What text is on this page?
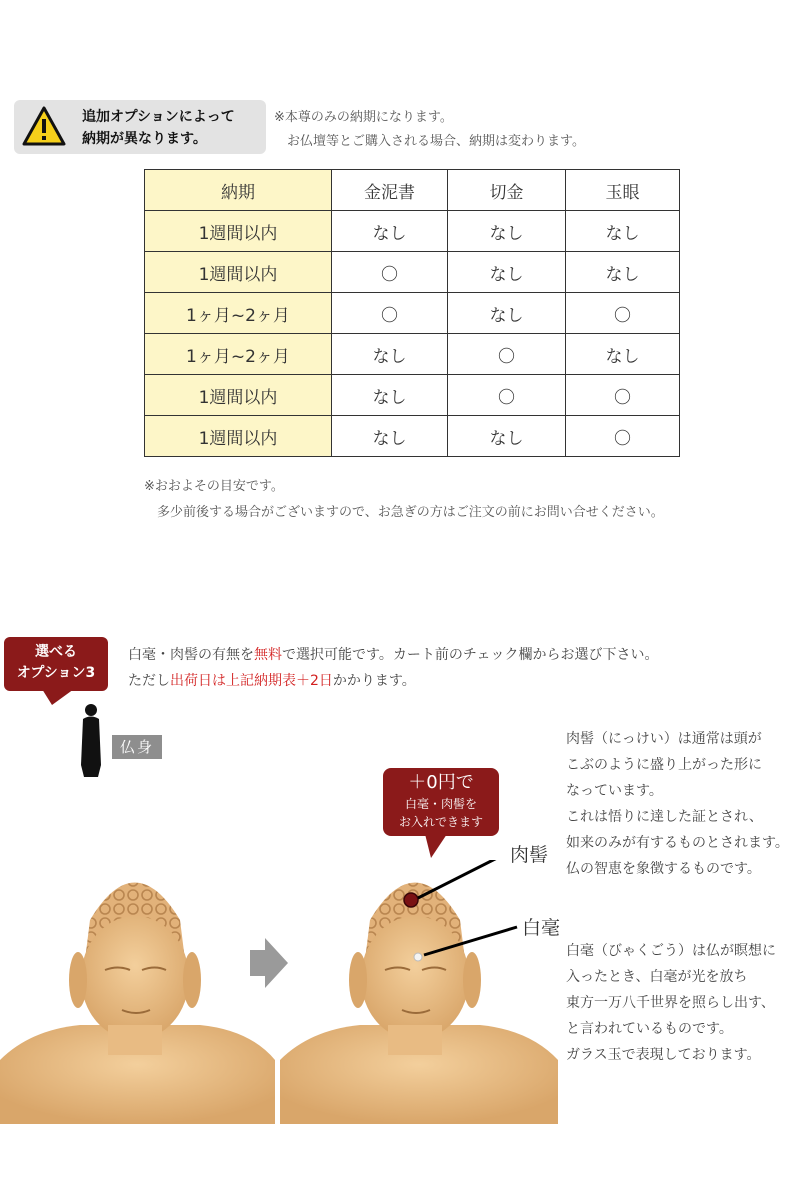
追加オプションによって
納期が異なります。
※本尊のみの納期になります。
　お仏壇等とご購入される場合、納期は変わります。
納期	金泥書	切金	玉眼
1週間以内	なし	なし	なし
1週間以内	〇	なし	なし
1ヶ月~2ヶ月	〇	なし	〇
1ヶ月~2ヶ月	なし	〇	なし
1週間以内	なし	〇	〇
1週間以内	なし	なし	〇
※おおよその目安です。
　多少前後する場合がございますので、お急ぎの方はご注文の前にお問い合せください。
選べる
オプション3
白毫・肉髻の有無を無料で選択可能です。カート前のチェック欄からお選び下さい。
ただし出荷日は上記納期表＋2日かかります。
仏身	肉髻（にっけい）は通常は頭が
こぶのように盛り上がった形に
なっています。
これは悟りに達した証とされ、
如来のみが有するものとされます。
仏の智恵を象徴するものです。
白毫（びゃくごう）は仏が瞑想に
入ったとき、白毫が光を放ち
東方一万八千世界を照らし出す、
と言われているものです。
ガラス玉で表現しております。
＋0円で
白毫・肉髻を
お入れできます
肉髻
白毫
